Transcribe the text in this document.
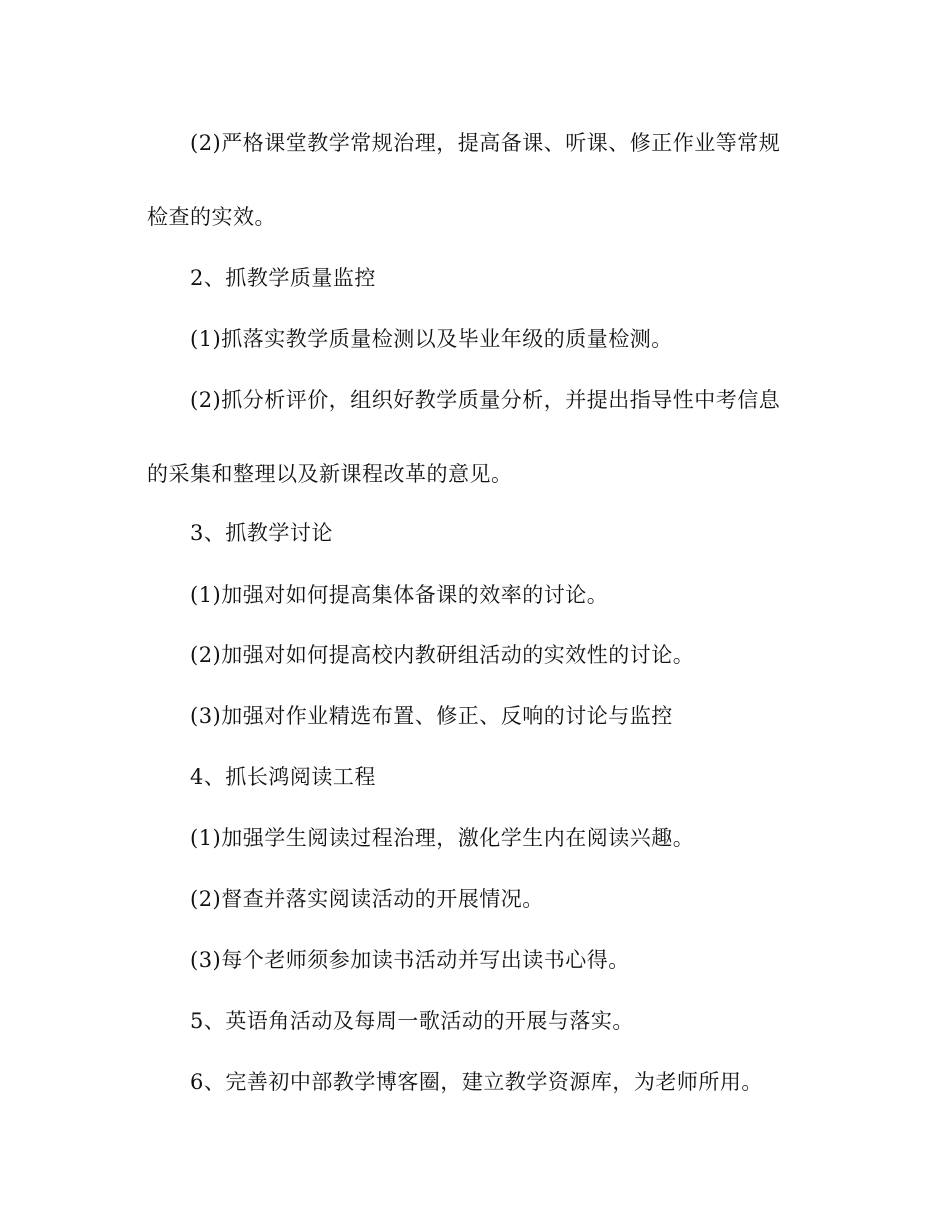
(2)严格课堂教学常规治理，提高备课、听课、修正作业等常规
检查的实效。
2、抓教学质量监控
(1)抓落实教学质量检测以及毕业年级的质量检测。
(2)抓分析评价，组织好教学质量分析，并提出指导性中考信息
的采集和整理以及新课程改革的意见。
3、抓教学讨论
(1)加强对如何提高集体备课的效率的讨论。
(2)加强对如何提高校内教研组活动的实效性的讨论。
(3)加强对作业精选布置、修正、反响的讨论与监控
4、抓长鸿阅读工程
(1)加强学生阅读过程治理，激化学生内在阅读兴趣。
(2)督查并落实阅读活动的开展情况。
(3)每个老师须参加读书活动并写出读书心得。
5、英语角活动及每周一歌活动的开展与落实。
6、完善初中部教学博客圈，建立教学资源库，为老师所用。
